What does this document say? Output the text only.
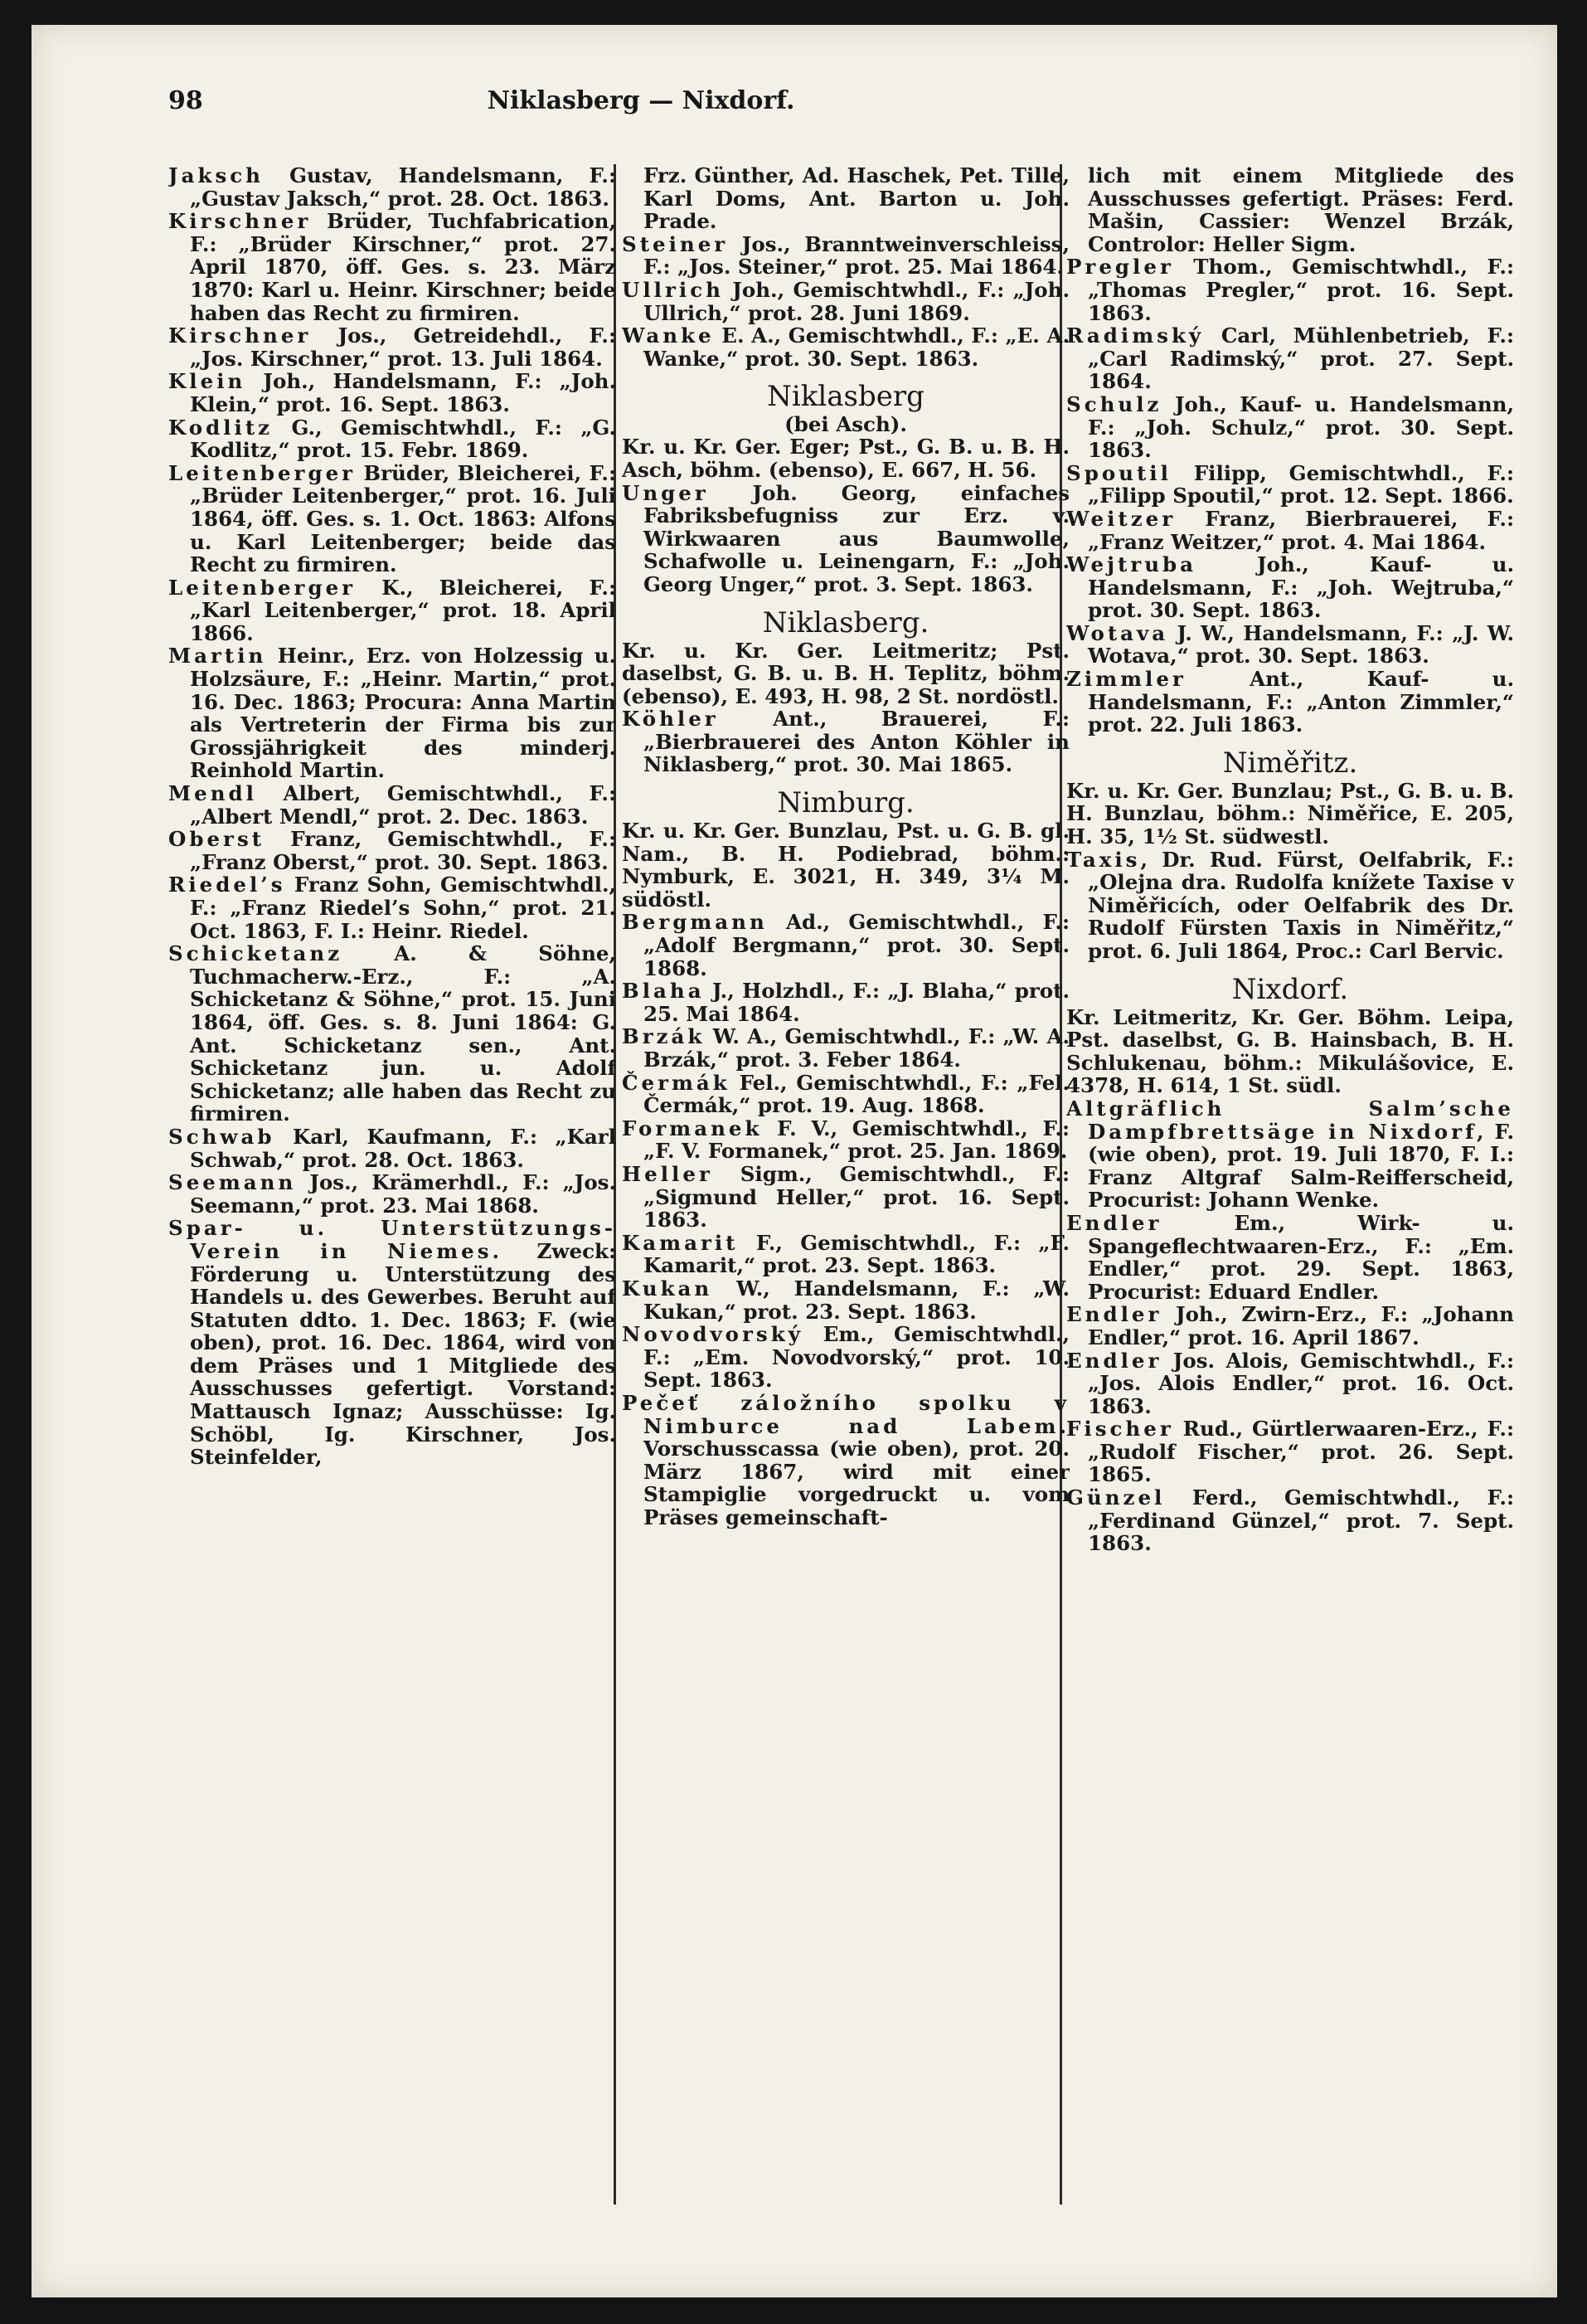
98	Niklasberg — Nixdorf.

Jaksch Gustav, Handelsmann, F.: „Gustav Jaksch,“ prot. 28. Oct. 1863.

Kirschner Brüder, Tuchfabrication, F.: „Brüder Kirschner,“ prot. 27. April 1870, öff. Ges. s. 23. März 1870: Karl u. Heinr. Kirschner; beide haben das Recht zu firmiren.

Kirschner Jos., Getreidehdl., F.: „Jos. Kirschner,“ prot. 13. Juli 1864.

Klein Joh., Handelsmann, F.: „Joh. Klein,“ prot. 16. Sept. 1863.

Kodlitz G., Gemischtwhdl., F.: „G. Kodlitz,“ prot. 15. Febr. 1869.

Leitenberger Brüder, Bleicherei, F.: „Brüder Leitenberger,“ prot. 16. Juli 1864, öff. Ges. s. 1. Oct. 1863: Alfons u. Karl Leitenberger; beide das Recht zu firmiren.

Leitenberger K., Bleicherei, F.: „Karl Leitenberger,“ prot. 18. April 1866.

Martin Heinr., Erz. von Holzessig u. Holzsäure, F.: „Heinr. Martin,“ prot. 16. Dec. 1863; Procura: Anna Martin als Vertreterin der Firma bis zur Grossjährigkeit des minderj. Reinhold Martin.

Mendl Albert, Gemischtwhdl., F.: „Albert Mendl,“ prot. 2. Dec. 1863.

Oberst Franz, Gemischtwhdl., F.: „Franz Oberst,“ prot. 30. Sept. 1863.

Riedel’s Franz Sohn, Gemischtwhdl., F.: „Franz Riedel’s Sohn,“ prot. 21. Oct. 1863, F. I.: Heinr. Riedel.

Schicketanz A. & Söhne, Tuchmacherw.-Erz., F.: „A. Schicketanz & Söhne,“ prot. 15. Juni 1864, öff. Ges. s. 8. Juni 1864: G. Ant. Schicketanz sen., Ant. Schicketanz jun. u. Adolf Schicketanz; alle haben das Recht zu firmiren.

Schwab Karl, Kaufmann, F.: „Karl Schwab,“ prot. 28. Oct. 1863.

Seemann Jos., Krämerhdl., F.: „Jos. Seemann,“ prot. 23. Mai 1868.

Spar- u. Unterstützungs-Verein in Niemes. Zweck: Förderung u. Unterstützung des Handels u. des Gewerbes. Beruht auf Statuten ddto. 1. Dec. 1863; F. (wie oben), prot. 16. Dec. 1864, wird von dem Präses und 1 Mitgliede des Ausschusses gefertigt. Vorstand: Mattausch Ignaz; Ausschüsse: Ig. Schöbl, Ig. Kirschner, Jos. Steinfelder,

Frz. Günther, Ad. Haschek, Pet. Tille, Karl Doms, Ant. Barton u. Joh. Prade.

Steiner Jos., Branntweinverschleiss, F.: „Jos. Steiner,“ prot. 25. Mai 1864.

Ullrich Joh., Gemischtwhdl., F.: „Joh. Ullrich,“ prot. 28. Juni 1869.

Wanke E. A., Gemischtwhdl., F.: „E. A. Wanke,“ prot. 30. Sept. 1863.

Niklasberg
(bei Asch).

Kr. u. Kr. Ger. Eger; Pst., G. B. u. B. H. Asch, böhm. (ebenso), E. 667, H. 56.

Unger Joh. Georg, einfaches Fabriksbefugniss zur Erz. v. Wirkwaaren aus Baumwolle, Schafwolle u. Leinengarn, F.: „Joh. Georg Unger,“ prot. 3. Sept. 1863.

Niklasberg.

Kr. u. Kr. Ger. Leitmeritz; Pst. daselbst, G. B. u. B. H. Teplitz, böhm. (ebenso), E. 493, H. 98, 2 St. nordöstl.

Köhler Ant., Brauerei, F.: „Bierbrauerei des Anton Köhler in Niklasberg,“ prot. 30. Mai 1865.

Nimburg.

Kr. u. Kr. Ger. Bunzlau, Pst. u. G. B. gl. Nam., B. H. Podiebrad, böhm.: Nymburk, E. 3021, H. 349, 3¼ M. südöstl.

Bergmann Ad., Gemischtwhdl., F.: „Adolf Bergmann,“ prot. 30. Sept. 1868.

Blaha J., Holzhdl., F.: „J. Blaha,“ prot. 25. Mai 1864.

Brzák W. A., Gemischtwhdl., F.: „W. A. Brzák,“ prot. 3. Feber 1864.

Čermák Fel., Gemischtwhdl., F.: „Fel. Čermák,“ prot. 19. Aug. 1868.

Formanek F. V., Gemischtwhdl., F.: „F. V. Formanek,“ prot. 25. Jan. 1869.

Heller Sigm., Gemischtwhdl., F.: „Sigmund Heller,“ prot. 16. Sept. 1863.

Kamarit F., Gemischtwhdl., F.: „F. Kamarit,“ prot. 23. Sept. 1863.

Kukan W., Handelsmann, F.: „W. Kukan,“ prot. 23. Sept. 1863.

Novodvorský Em., Gemischtwhdl., F.: „Em. Novodvorský,“ prot. 10. Sept. 1863.

Pečeť záložního spolku v Nimburce nad Labem. Vorschusscassa (wie oben), prot. 20. März 1867, wird mit einer Stampiglie vorgedruckt u. vom Präses gemeinschaft-

lich mit einem Mitgliede des Ausschusses gefertigt. Präses: Ferd. Mašin, Cassier: Wenzel Brzák, Controlor: Heller Sigm.

Pregler Thom., Gemischtwhdl., F.: „Thomas Pregler,“ prot. 16. Sept. 1863.

Radimský Carl, Mühlenbetrieb, F.: „Carl Radimský,“ prot. 27. Sept. 1864.

Schulz Joh., Kauf- u. Handelsmann, F.: „Joh. Schulz,“ prot. 30. Sept. 1863.

Spoutil Filipp, Gemischtwhdl., F.: „Filipp Spoutil,“ prot. 12. Sept. 1866.

Weitzer Franz, Bierbrauerei, F.: „Franz Weitzer,“ prot. 4. Mai 1864.

Wejtruba Joh., Kauf- u. Handelsmann, F.: „Joh. Wejtruba,“ prot. 30. Sept. 1863.

Wotava J. W., Handelsmann, F.: „J. W. Wotava,“ prot. 30. Sept. 1863.

Zimmler Ant., Kauf- u. Handelsmann, F.: „Anton Zimmler,“ prot. 22. Juli 1863.

Niměřitz.

Kr. u. Kr. Ger. Bunzlau; Pst., G. B. u. B. H. Bunzlau, böhm.: Niměřice, E. 205, H. 35, 1½ St. südwestl.

Taxis, Dr. Rud. Fürst, Oelfabrik, F.: „Olejna dra. Rudolfa knížete Taxise v Niměřicích, oder Oelfabrik des Dr. Rudolf Fürsten Taxis in Niměřitz,“ prot. 6. Juli 1864, Proc.: Carl Bervic.

Nixdorf.

Kr. Leitmeritz, Kr. Ger. Böhm. Leipa, Pst. daselbst, G. B. Hainsbach, B. H. Schlukenau, böhm.: Mikulášovice, E. 4378, H. 614, 1 St. südl.

Altgräflich Salm’sche Dampfbrettsäge in Nixdorf, F. (wie oben), prot. 19. Juli 1870, F. I.: Franz Altgraf Salm-Reifferscheid, Procurist: Johann Wenke.

Endler Em., Wirk- u. Spangeflechtwaaren-Erz., F.: „Em. Endler,“ prot. 29. Sept. 1863, Procurist: Eduard Endler.

Endler Joh., Zwirn-Erz., F.: „Johann Endler,“ prot. 16. April 1867.

Endler Jos. Alois, Gemischtwhdl., F.: „Jos. Alois Endler,“ prot. 16. Oct. 1863.

Fischer Rud., Gürtlerwaaren-Erz., F.: „Rudolf Fischer,“ prot. 26. Sept. 1865.

Günzel Ferd., Gemischtwhdl., F.: „Ferdinand Günzel,“ prot. 7. Sept. 1863.
